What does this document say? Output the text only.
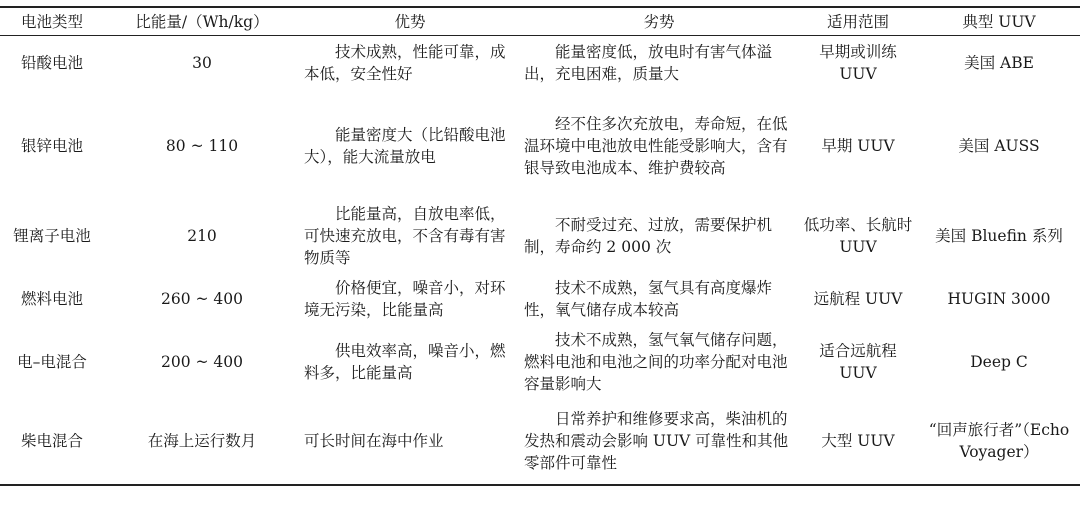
电池类型	比能量/（Wh/kg）	优势	劣势	适用范围	典型 UUV
铅酸电池	30	技术成熟，性能可靠，成本低，安全性好	能量密度低，放电时有害气体溢出，充电困难，质量大	早期或训练 UUV	美国 ABE
银锌电池	80 ~ 110	能量密度大（比铅酸电池大），能大流量放电	经不住多次充放电，寿命短，在低温环境中电池放电性能受影响大，含有银导致电池成本、维护费较高	早期 UUV	美国 AUSS
锂离子电池	210	比能量高，自放电率低，可快速充放电，不含有毒有害物质等	不耐受过充、过放，需要保护机制，寿命约 2 000 次	低功率、长航时 UUV	美国 Bluefin 系列
燃料电池	260 ~ 400	价格便宜，噪音小，对环境无污染，比能量高	技术不成熟，氢气具有高度爆炸性，氧气储存成本较高	远航程 UUV	HUGIN 3000
电–电混合	200 ~ 400	供电效率高，噪音小，燃料多，比能量高	技术不成熟，氢气氧气储存问题，燃料电池和电池之间的功率分配对电池容量影响大	适合远航程 UUV	Deep C
柴电混合	在海上运行数月	可长时间在海中作业	日常养护和维修要求高，柴油机的发热和震动会影响 UUV 可靠性和其他零部件可靠性	大型 UUV	“回声旅行者”（Echo Voyager）
